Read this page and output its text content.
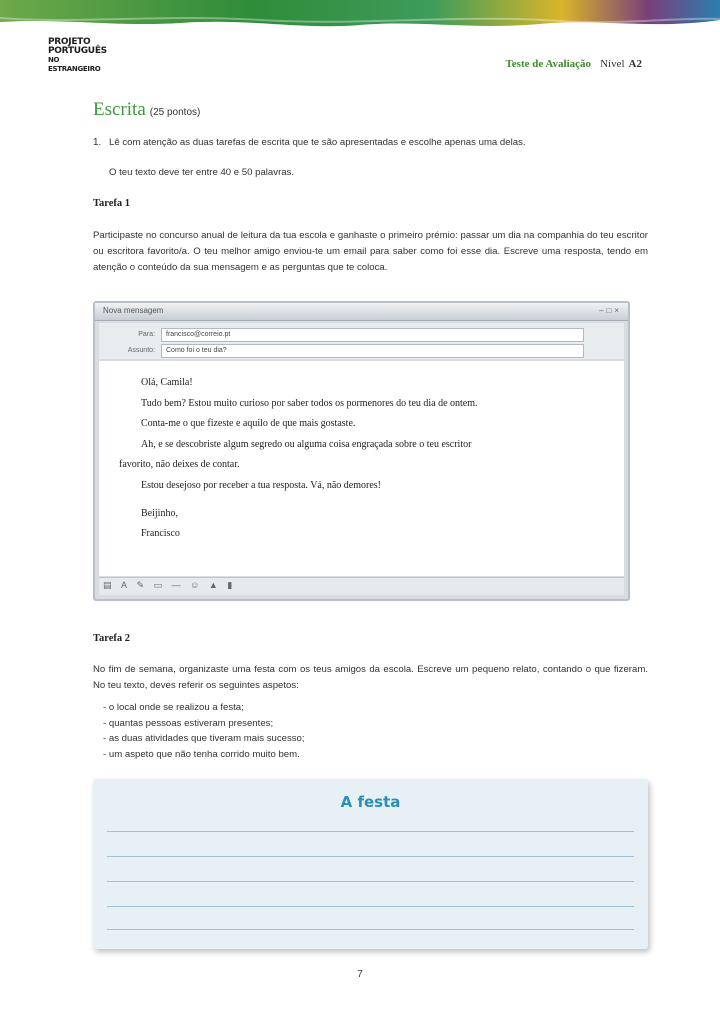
PROJETO
PORTUGUÊS
NO ESTRANGEIRO	Teste de Avaliação Nível A2
Escrita (25 pontos)
1. Lê com atenção as duas tarefas de escrita que te são apresentadas e escolhe apenas uma delas.
O teu texto deve ter entre 40 e 50 palavras.
Tarefa 1
Participaste no concurso anual de leitura da tua escola e ganhaste o primeiro prémio: passar um dia na companhia do teu escritor ou escritora favorito/a. O teu melhor amigo enviou-te um email para saber como foi esse dia. Escreve uma resposta, tendo em atenção o conteúdo da sua mensagem e as perguntas que te coloca.
Nova mensagem	–□×
Para:	francisco@correio.pt
Assunto:	Como foi o teu dia?

Olá, Camila!

Tudo bem? Estou muito curioso por saber todos os pormenores do teu dia de ontem.

Conta-me o que fizeste e aquilo de que mais gostaste.

Ah, e se descobriste algum segredo ou alguma coisa engraçada sobre o teu escritor

favorito, não deixes de contar.

Estou desejoso por receber a tua resposta. Vá, não demores!

Beijinho,

Francisco

▤ A ✎ ▭ — ☺ ▲ ▮
Tarefa 2
No fim de semana, organizaste uma festa com os teus amigos da escola. Escreve um pequeno relato, contando o que fizeram. No teu texto, deves referir os seguintes aspetos:
- o local onde se realizou a festa;
- quantas pessoas estiveram presentes;
- as duas atividades que tiveram mais sucesso;
- um aspeto que não tenha corrido muito bem.
A festa
7
